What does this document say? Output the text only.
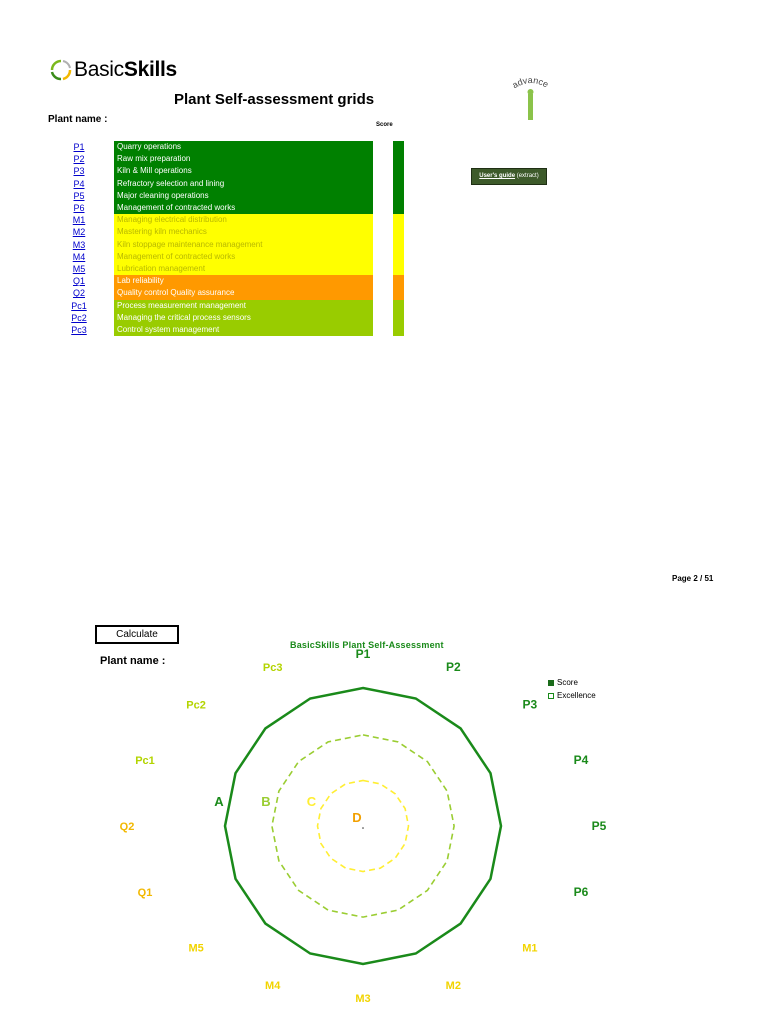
BasicSkills
Plant Self-assessment grids
Plant name :	Score
advance
P1	Quarry operations
P2	Raw mix preparation
P3	Kiln & Mill operations
P4	Refractory selection and lining
P5	Major cleaning operations
P6	Management of contracted works
M1	Managing electrical distribution
M2	Mastering kiln mechanics
M3	Kiln stoppage maintenance management
M4	Management of contracted works
M5	Lubrication management
Q1	Lab reliability
Q2	Quality control Quality assurance
Pc1	Process measurement management
Pc2	Managing the critical process sensors
Pc3	Control system management
User's guide (extract)
Page 2 / 51
Calculate
Plant name :
BasicSkills Plant Self-Assessment
Score
Excellence
A	B	C
D
P1
P2
P3
P4
P5
P6
M1
M2
M3
M4
M5
Q1
Q2
Pc1
Pc2
Pc3
